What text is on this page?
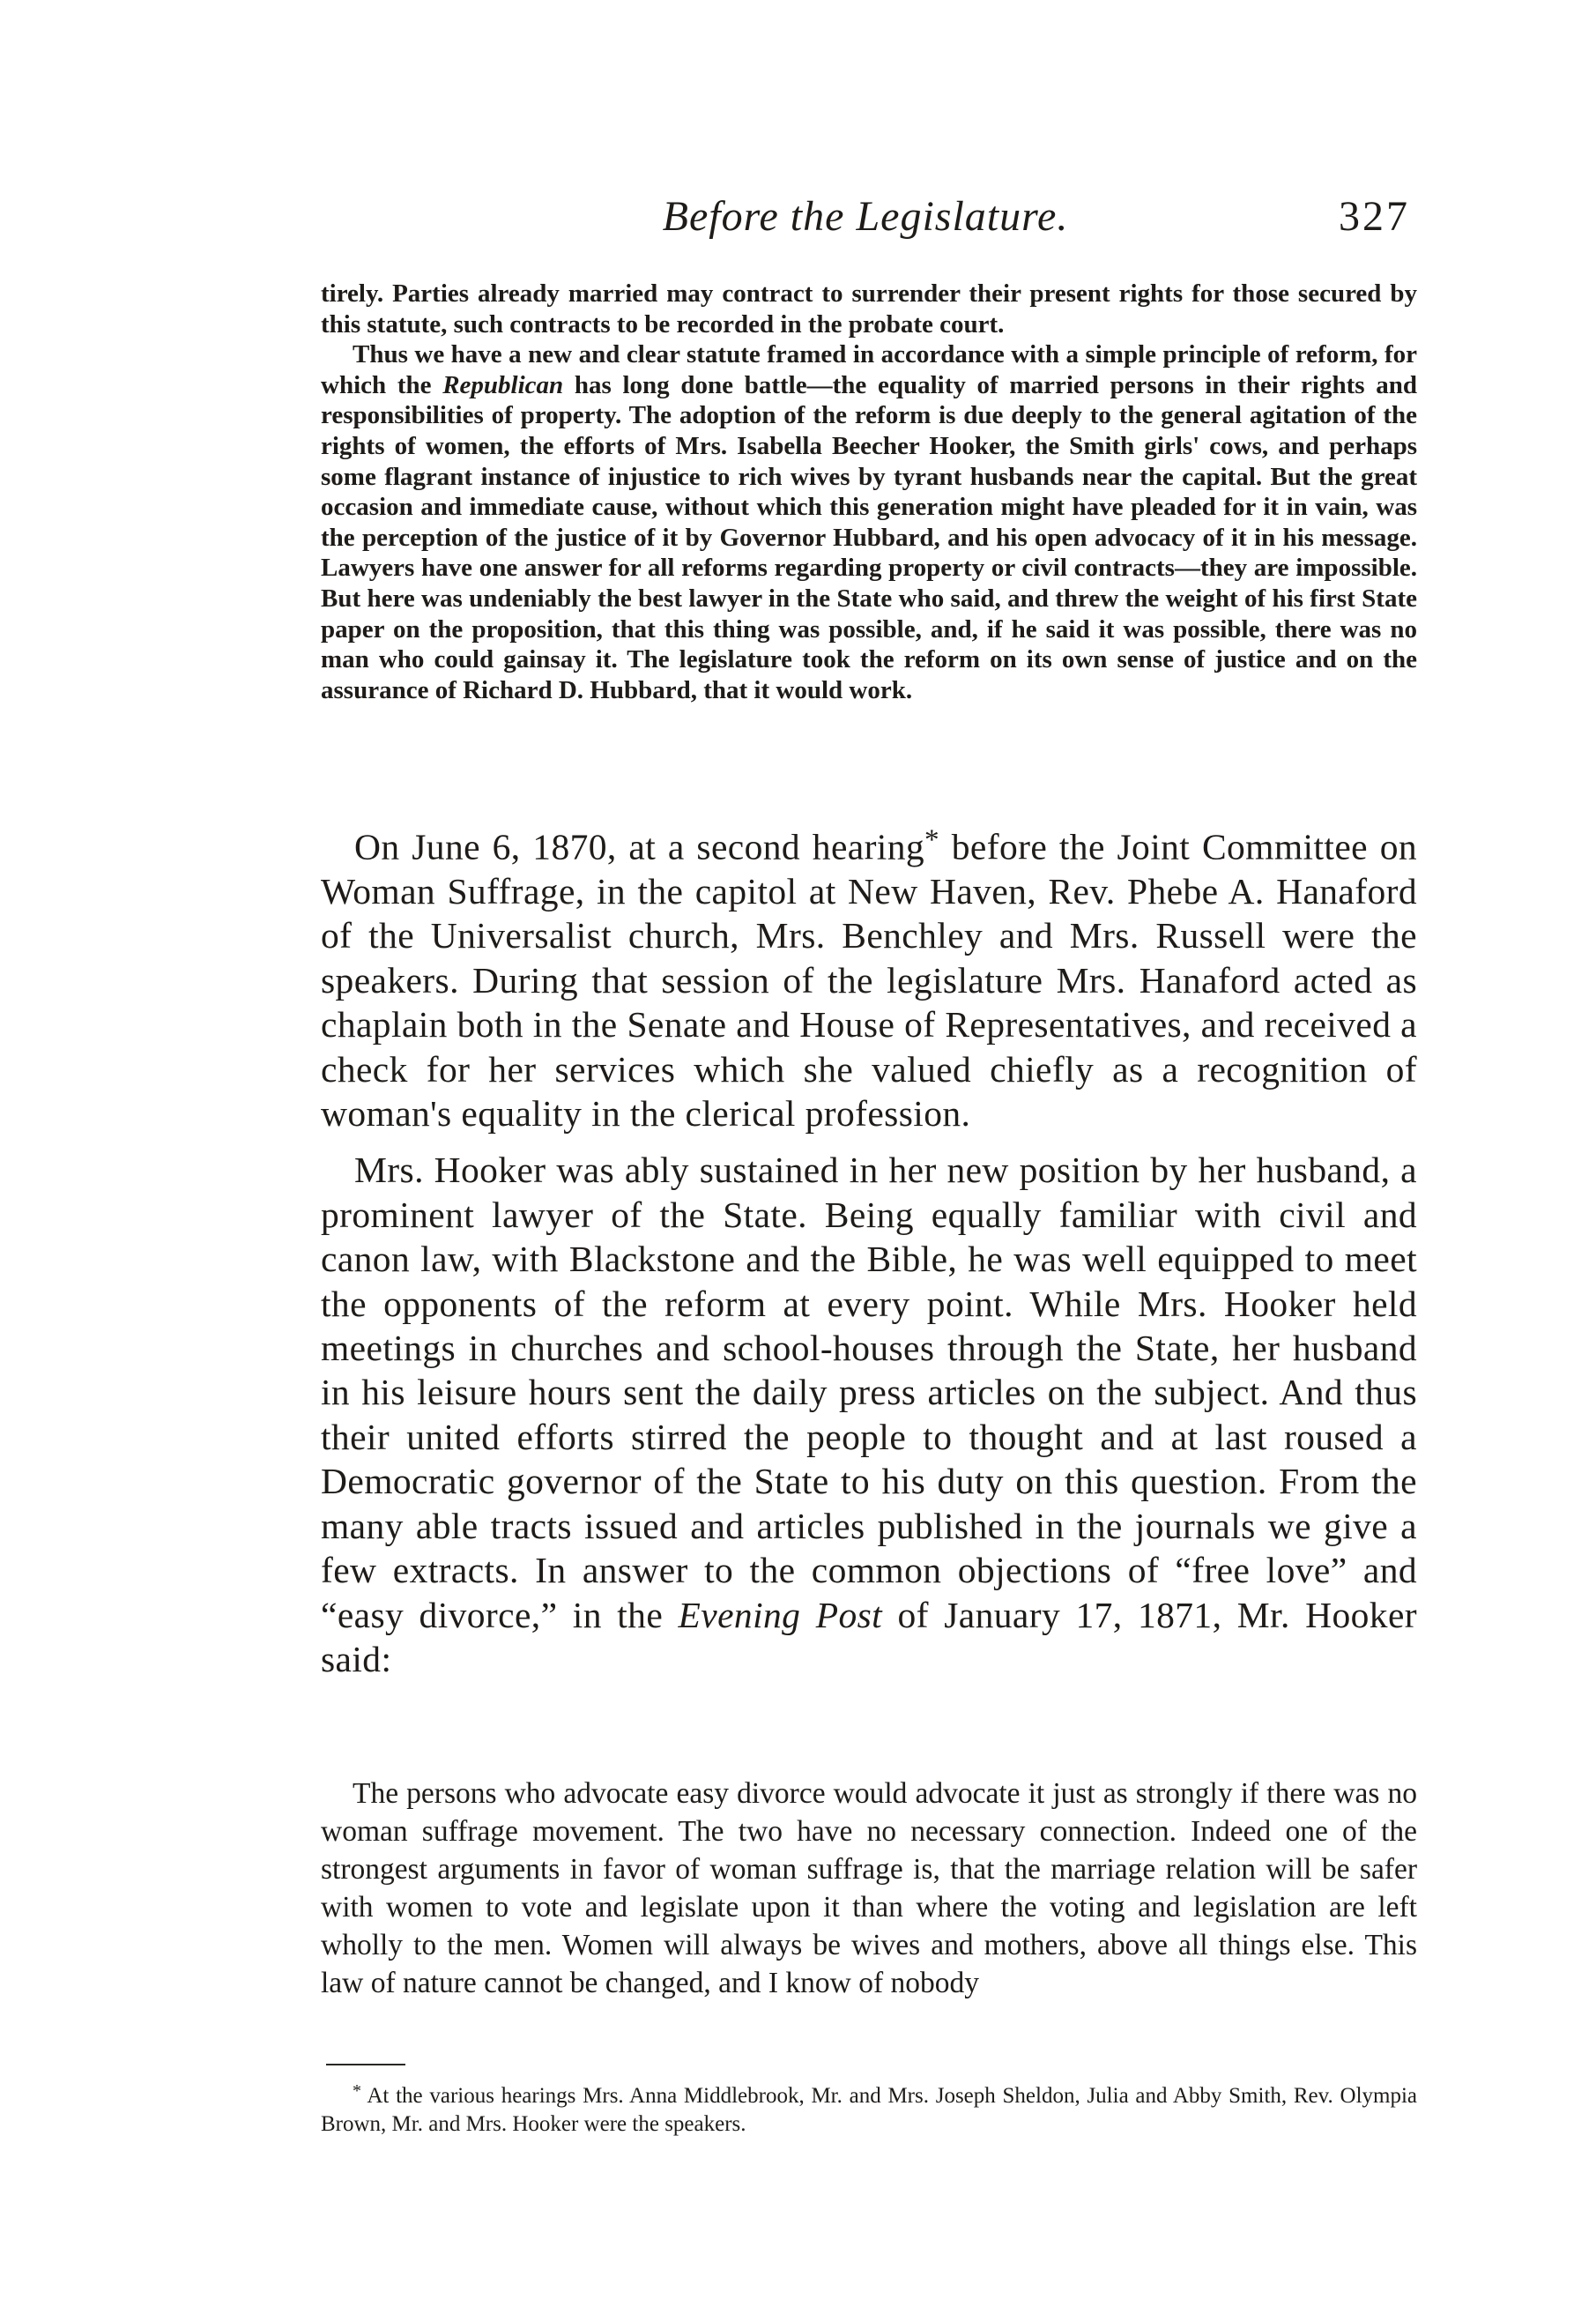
Before the Legislature.	327

tirely. Parties already married may contract to surrender their present rights for those secured by this statute, such contracts to be recorded in the probate court.

Thus we have a new and clear statute framed in accordance with a simple principle of reform, for which the Republican has long done battle—the equality of married persons in their rights and responsibilities of property. The adoption of the reform is due deeply to the general agitation of the rights of women, the efforts of Mrs. Isabella Beecher Hooker, the Smith girls' cows, and perhaps some flagrant instance of injustice to rich wives by tyrant husbands near the capital. But the great occasion and immediate cause, without which this generation might have pleaded for it in vain, was the perception of the justice of it by Governor Hubbard, and his open advocacy of it in his message. Lawyers have one answer for all reforms regarding property or civil contracts—they are impossible. But here was undeniably the best lawyer in the State who said, and threw the weight of his first State paper on the proposition, that this thing was possible, and, if he said it was possible, there was no man who could gainsay it. The legislature took the reform on its own sense of justice and on the assurance of Richard D. Hubbard, that it would work.

On June 6, 1870, at a second hearing* before the Joint Committee on Woman Suffrage, in the capitol at New Haven, Rev. Phebe A. Hanaford of the Universalist church, Mrs. Benchley and Mrs. Russell were the speakers. During that session of the legislature Mrs. Hanaford acted as chaplain both in the Senate and House of Representatives, and received a check for her services which she valued chiefly as a recognition of woman's equality in the clerical profession.

Mrs. Hooker was ably sustained in her new position by her husband, a prominent lawyer of the State. Being equally familiar with civil and canon law, with Blackstone and the Bible, he was well equipped to meet the opponents of the reform at every point. While Mrs. Hooker held meetings in churches and school-houses through the State, her husband in his leisure hours sent the daily press articles on the subject. And thus their united efforts stirred the people to thought and at last roused a Democratic governor of the State to his duty on this question. From the many able tracts issued and articles published in the journals we give a few extracts. In answer to the common objections of “free love” and “easy divorce,” in the Evening Post of January 17, 1871, Mr. Hooker said:

The persons who advocate easy divorce would advocate it just as strongly if there was no woman suffrage movement. The two have no necessary connection. Indeed one of the strongest arguments in favor of woman suffrage is, that the marriage relation will be safer with women to vote and legislate upon it than where the voting and legislation are left wholly to the men. Women will always be wives and mothers, above all things else. This law of nature cannot be changed, and I know of nobody

* At the various hearings Mrs. Anna Middlebrook, Mr. and Mrs. Joseph Sheldon, Julia and Abby Smith, Rev. Olympia Brown, Mr. and Mrs. Hooker were the speakers.
